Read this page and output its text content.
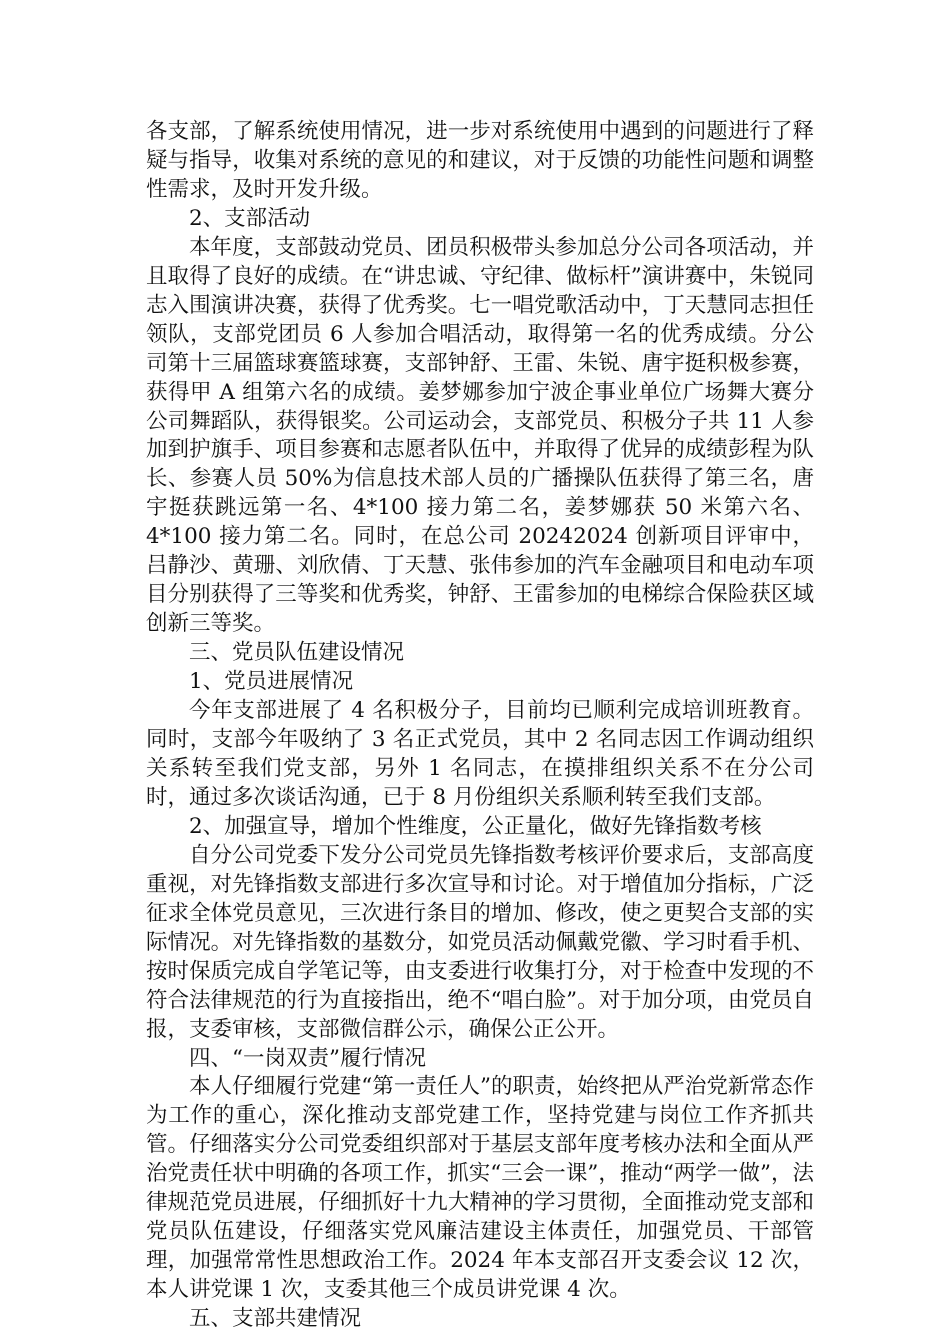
各支部，了解系统使用情况，进一步对系统使用中遇到的问题进行了释疑与指导，收集对系统的意见的和建议，对于反馈的功能性问题和调整性需求，及时开发升级。

2、支部活动

本年度，支部鼓动党员、团员积极带头参加总分公司各项活动，并且取得了良好的成绩。在“讲忠诚、守纪律、做标杆”演讲赛中，朱锐同志入围演讲决赛，获得了优秀奖。七一唱党歌活动中，丁天慧同志担任领队，支部党团员 6 人参加合唱活动，取得第一名的优秀成绩。分公司第十三届篮球赛篮球赛，支部钟舒、王雷、朱锐、唐宇挺积极参赛，获得甲 A 组第六名的成绩。姜梦娜参加宁波企事业单位广场舞大赛分公司舞蹈队，获得银奖。公司运动会，支部党员、积极分子共 11 人参加到护旗手、项目参赛和志愿者队伍中，并取得了优异的成绩彭程为队长、参赛人员 50%为信息技术部人员的广播操队伍获得了第三名，唐宇挺获跳远第一名、4*100 接力第二名，姜梦娜获 50 米第六名、4*100 接力第二名。同时，在总公司 20242024 创新项目评审中，吕静沙、黄珊、刘欣倩、丁天慧、张伟参加的汽车金融项目和电动车项目分别获得了三等奖和优秀奖，钟舒、王雷参加的电梯综合保险获区域创新三等奖。

三、党员队伍建设情况

1、党员进展情况

今年支部进展了 4 名积极分子，目前均已顺利完成培训班教育。同时，支部今年吸纳了 3 名正式党员，其中 2 名同志因工作调动组织关系转至我们党支部，另外 1 名同志，在摸排组织关系不在分公司时，通过多次谈话沟通，已于 8 月份组织关系顺利转至我们支部。

2、加强宣导，增加个性维度，公正量化，做好先锋指数考核

自分公司党委下发分公司党员先锋指数考核评价要求后，支部高度重视，对先锋指数支部进行多次宣导和讨论。对于增值加分指标，广泛征求全体党员意见，三次进行条目的增加、修改，使之更契合支部的实际情况。对先锋指数的基数分，如党员活动佩戴党徽、学习时看手机、按时保质完成自学笔记等，由支委进行收集打分，对于检查中发现的不符合法律规范的行为直接指出，绝不“唱白脸”。对于加分项，由党员自报，支委审核，支部微信群公示，确保公正公开。

四、“一岗双责”履行情况

本人仔细履行党建“第一责任人”的职责，始终把从严治党新常态作为工作的重心，深化推动支部党建工作，坚持党建与岗位工作齐抓共管。仔细落实分公司党委组织部对于基层支部年度考核办法和全面从严治党责任状中明确的各项工作，抓实“三会一课”，推动“两学一做”，法律规范党员进展，仔细抓好十九大精神的学习贯彻，全面推动党支部和党员队伍建设，仔细落实党风廉洁建设主体责任，加强党员、干部管理，加强常常性思想政治工作。2024 年本支部召开支委会议 12 次，本人讲党课 1 次，支委其他三个成员讲党课 4 次。

五、支部共建情况
